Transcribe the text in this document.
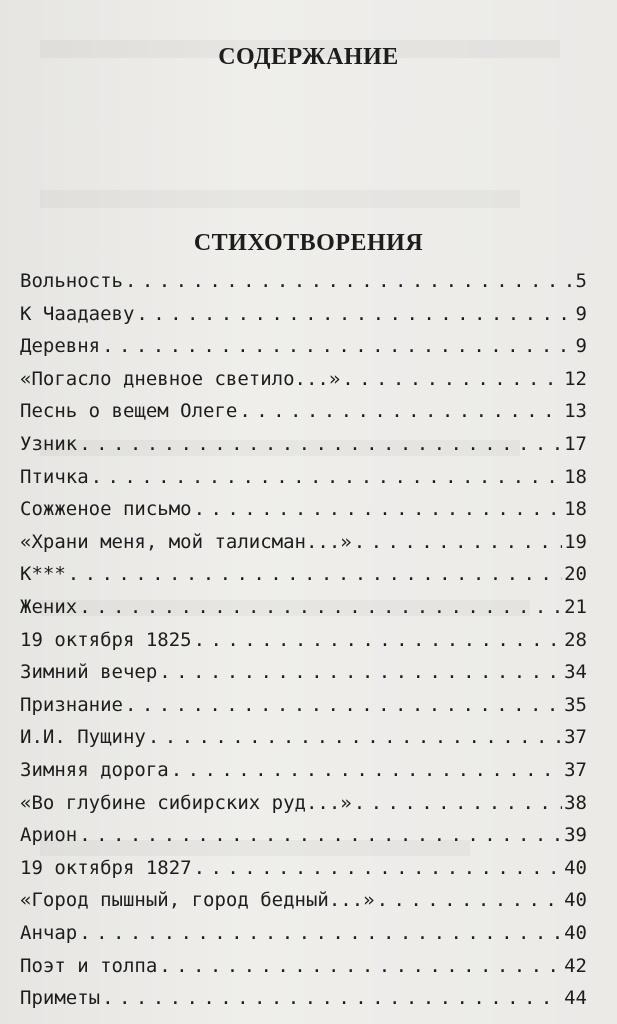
СОДЕРЖАНИЕ
СТИХОТВОРЕНИЯ
Вольность . . .	5
К Чаадаеву . . .	9
Деревня . . .	9
«Погасло дневное светило...» . . .	12
Песнь о вещем Олеге . . .	13
Узник . . .	17
Птичка . . .	18
Сожженое письмо . . .	18
«Храни меня, мой талисман...» . . .	19
К*** . . .	20
Жених . . .	21
19 октября 1825 . . .	28
Зимний вечер . . .	34
Признание . . .	35
И.И. Пущину . . .	37
Зимняя дорога . . .	37
«Во глубине сибирских руд...» . . .	38
Арион . . .	39
19 октября 1827 . . .	40
«Город пышный, город бедный...» . . .	40
Анчар . . .	40
Поэт и толпа . . .	42
Приметы . . .	44
